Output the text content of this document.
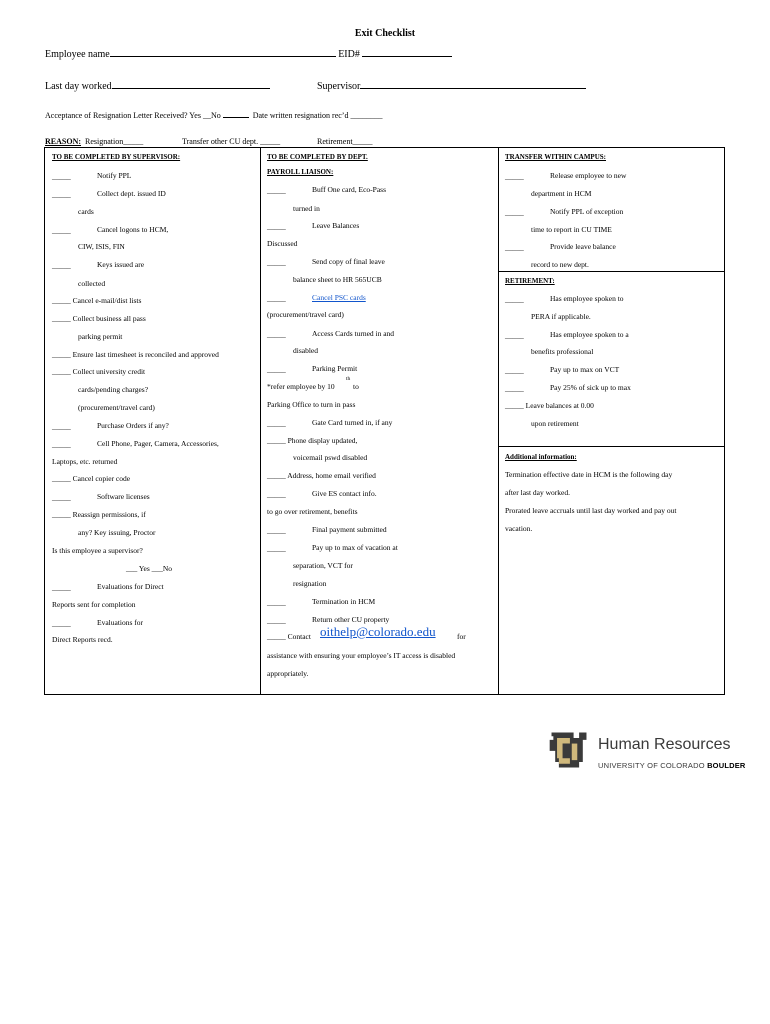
Exit Checklist
Employee name	EID#
Last day worked	Supervisor
Acceptance of Resignation Letter Received? Yes __No	Date written resignation rec’d ________
REASON: Resignation_____	Transfer other CU dept. _____	Retirement_____
TO BE COMPLETED BY SUPERVISOR:
Notify PPL
_____
Collect dept. issued ID
_____
cards
Cancel logons to HCM,
_____
CIW, ISIS, FIN
Keys issued are
_____
collected
_____ Cancel e-mail/dist lists
_____ Collect business all pass
parking permit
_____ Ensure last timesheet is reconciled and approved
_____ Collect university credit
cards/pending charges?
(procurement/travel card)
Purchase Orders if any?
_____
Cell Phone, Pager, Camera, Accessories,
_____
Laptops, etc. returned
_____ Cancel copier code
Software licenses
_____
_____ Reassign permissions, if
any? Key issuing, Proctor
Is this employee a supervisor?
___ Yes ___No
Evaluations for Direct
_____
Reports sent for completion
Evaluations for
_____
Direct Reports recd.
TO BE COMPLETED BY DEPT.
PAYROLL LIAISON:
Buff One card, Eco-Pass
_____
turned in
Leave Balances
_____
Discussed
Send copy of final leave
_____
balance sheet to HR 565UCB
Cancel PSC cards
_____
(procurement/travel card)
Access Cards turned in and
_____
disabled
Parking Permit
_____
*refer employee by 10 to
Parking Office to turn in pass
Gate Card turned in, if any
_____
_____ Phone display updated,
voicemail pswd disabled
_____ Address, home email verified
Give ES contact info.
_____
to go over retirement, benefits
Final payment submitted
_____
Pay up to max of vacation at
_____
separation, VCT for
resignation
Termination in HCM
_____
Return other CU property
_____
assistance with ensuring your employee’s IT access is disabled
appropriately.
th
_____ Contact oithelp@colorado.edu	for
TRANSFER WITHIN CAMPUS:
RETIREMENT:
Additional information:
Release employee to new
_____
department in HCM
Notify PPL of exception
_____
time to report in CU TIME
Provide leave balance
_____
record to new dept.
Has employee spoken to
_____
PERA if applicable.
Has employee spoken to a
_____
benefits professional
Pay up to max on VCT
_____
Pay 25% of sick up to max
_____
_____ Leave balances at 0.00
upon retirement
_____
Termination effective date in HCM is the following day
after last day worked.
Prorated leave accruals until last day worked and pay out
vacation.
Human Resources
UNIVERSITY OF COLORADO BOULDER
